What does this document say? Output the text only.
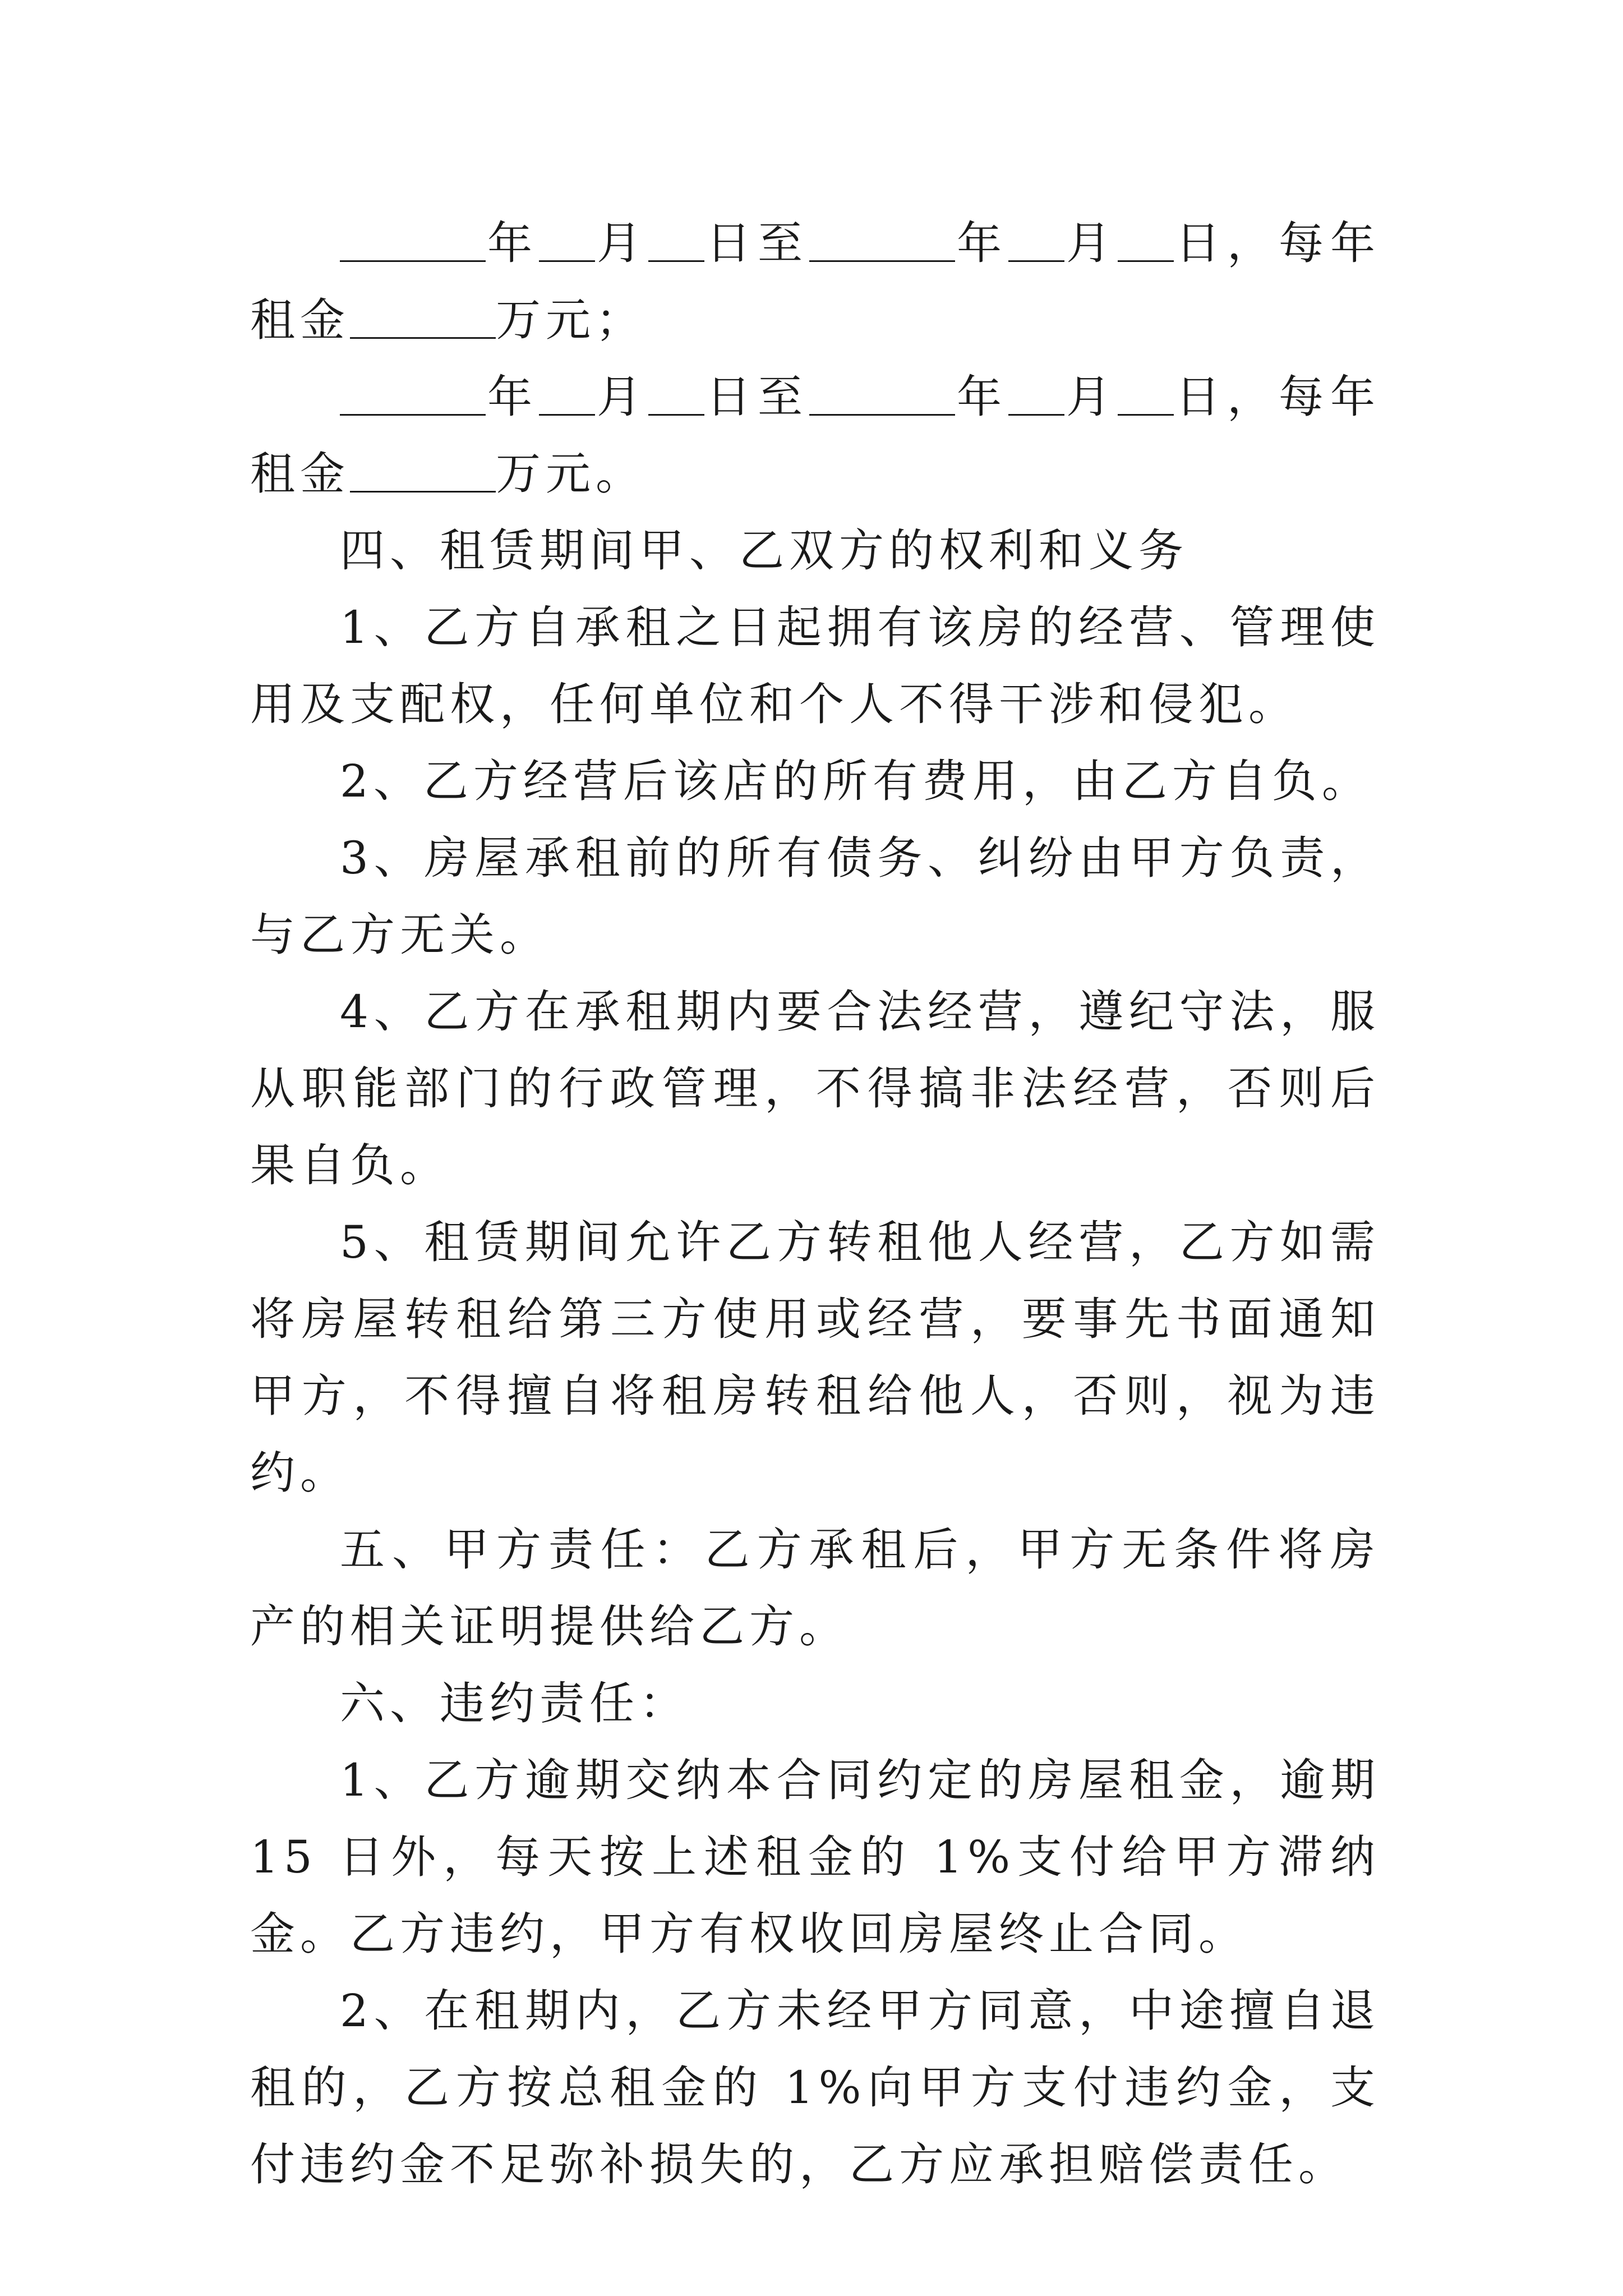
年 月 日至	年 月 日，每年租金	万元；

年 月 日至	年 月 日，每年租金	万元。

四、租赁期间甲、乙双方的权利和义务

1、乙方自承租之日起拥有该房的经营、管理使用及支配权，任何单位和个人不得干涉和侵犯。

2、乙方经营后该店的所有费用，由乙方自负。

3、房屋承租前的所有债务、纠纷由甲方负责，与乙方无关。

4、乙方在承租期内要合法经营，遵纪守法，服从职能部门的行政管理，不得搞非法经营，否则后果自负。

5、租赁期间允许乙方转租他人经营，乙方如需将房屋转租给第三方使用或经营，要事先书面通知甲方，不得擅自将租房转租给他人，否则，视为违约。

五、甲方责任：乙方承租后，甲方无条件将房产的相关证明提供给乙方。

六、违约责任：

1、乙方逾期交纳本合同约定的房屋租金，逾期 15 日外，每天按上述租金的 1%支付给甲方滞纳金。乙方违约，甲方有权收回房屋终止合同。

2、在租期内，乙方未经甲方同意，中途擅自退租的，乙方按总租金的 1%向甲方支付违约金，支付违约金不足弥补损失的，乙方应承担赔偿责任。
